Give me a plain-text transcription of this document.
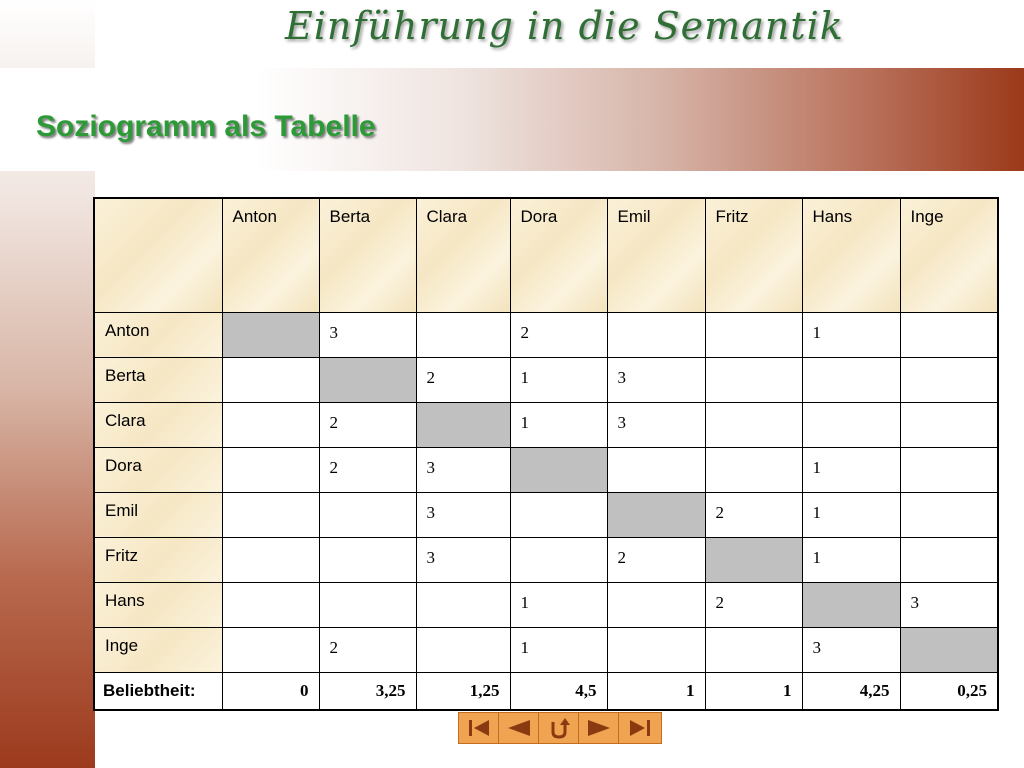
Einführung in die Semantik
Soziogramm als Tabelle

	Anton	Berta	Clara	Dora	Emil	Fritz	Hans	Inge

Anton		3		2			1	

Berta			2	1	3			

Clara		2		1	3			

Dora		2	3				1	

Emil			3			2	1	

Fritz			3		2		1	

Hans				1		2		3

Inge		2		1			3	

Beliebtheit:	0	3,25	1,25	4,5	1	1	4,25	0,25
